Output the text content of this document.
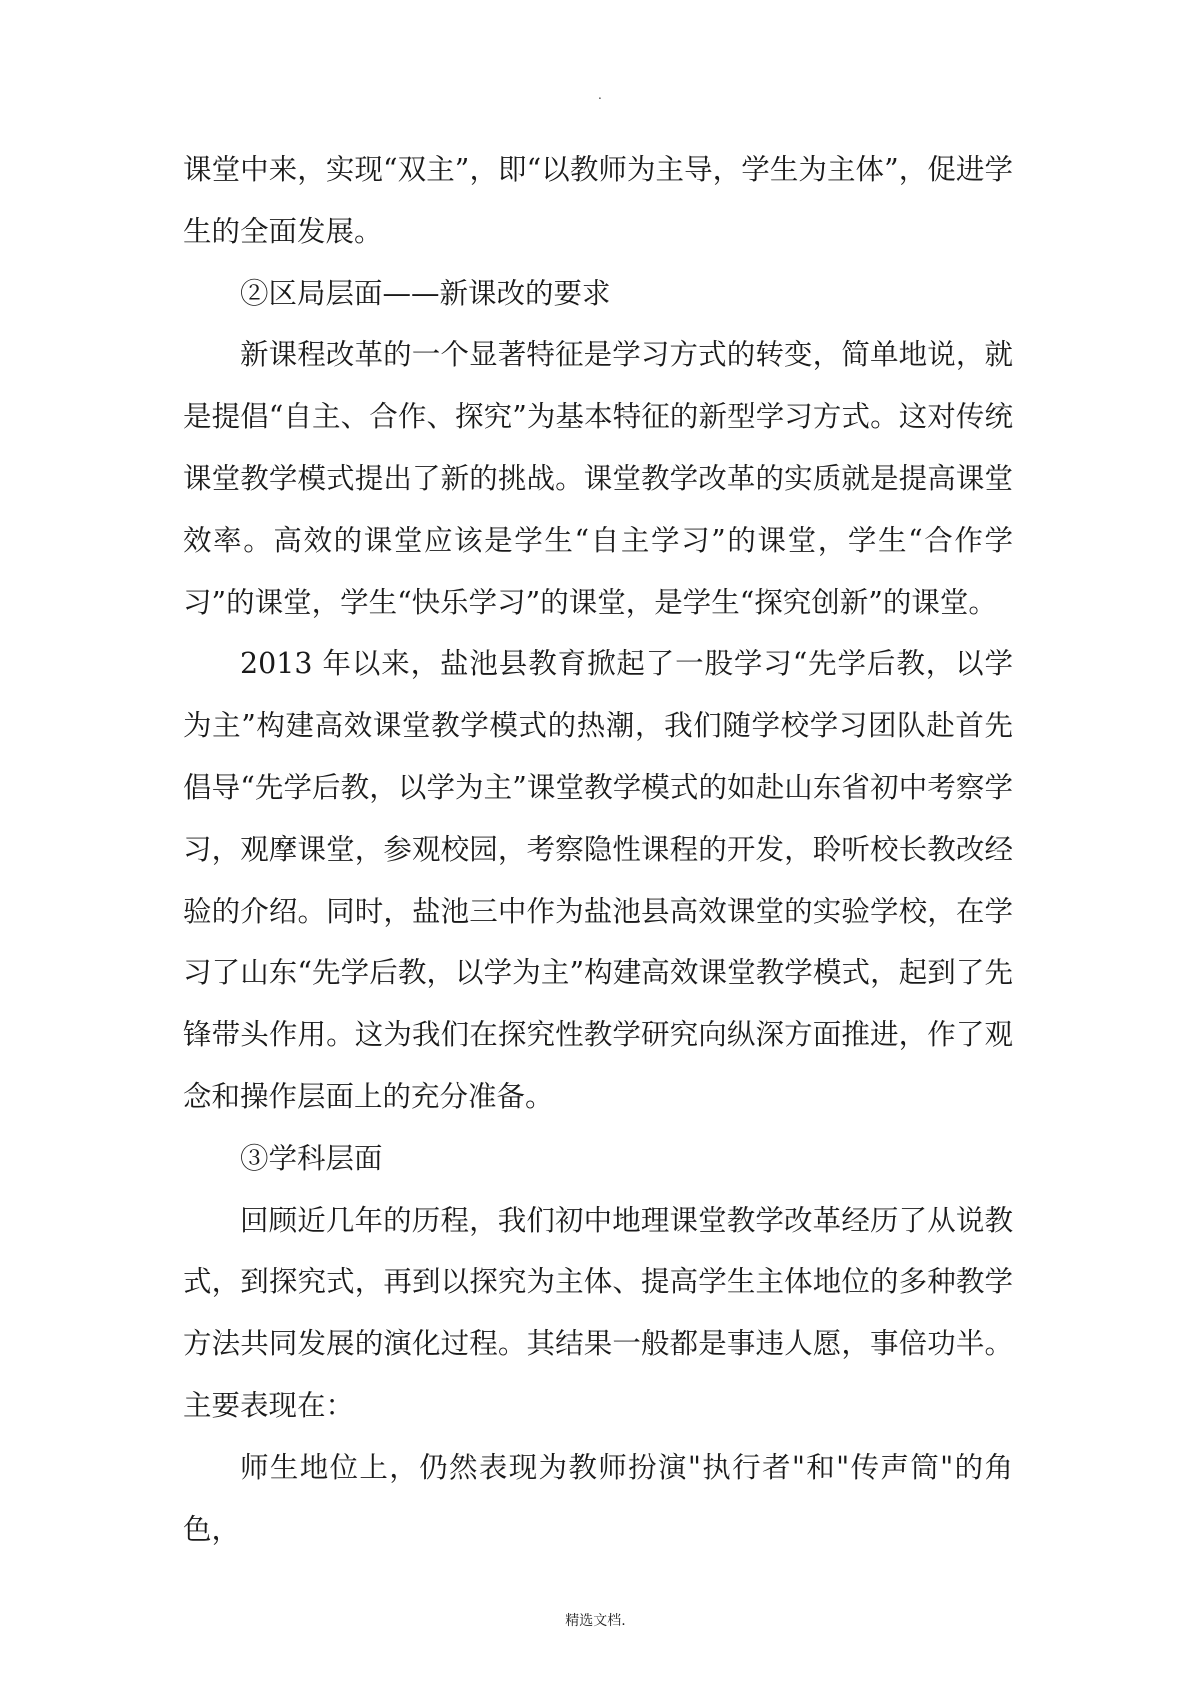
.

课堂中来，实现“双主”，即“以教师为主导，学生为主体”，促进学生的全面发展。

②区局层面——新课改的要求

新课程改革的一个显著特征是学习方式的转变，简单地说，就是提倡“自主、合作、探究”为基本特征的新型学习方式。这对传统课堂教学模式提出了新的挑战。课堂教学改革的实质就是提高课堂效率。高效的课堂应该是学生“自主学习”的课堂，学生“合作学习”的课堂，学生“快乐学习”的课堂，是学生“探究创新”的课堂。

2013 年以来，盐池县教育掀起了一股学习“先学后教，以学为主”构建高效课堂教学模式的热潮，我们随学校学习团队赴首先倡导“先学后教，以学为主”课堂教学模式的如赴山东省初中考察学习，观摩课堂，参观校园，考察隐性课程的开发，聆听校长教改经验的介绍。同时，盐池三中作为盐池县高效课堂的实验学校，在学习了山东“先学后教，以学为主”构建高效课堂教学模式，起到了先锋带头作用。这为我们在探究性教学研究向纵深方面推进，作了观念和操作层面上的充分准备。

③学科层面

回顾近几年的历程，我们初中地理课堂教学改革经历了从说教式，到探究式，再到以探究为主体、提高学生主体地位的多种教学方法共同发展的演化过程。其结果一般都是事违人愿，事倍功半。主要表现在：

师生地位上，仍然表现为教师扮演"执行者"和"传声筒"的角色，

精选文档.
